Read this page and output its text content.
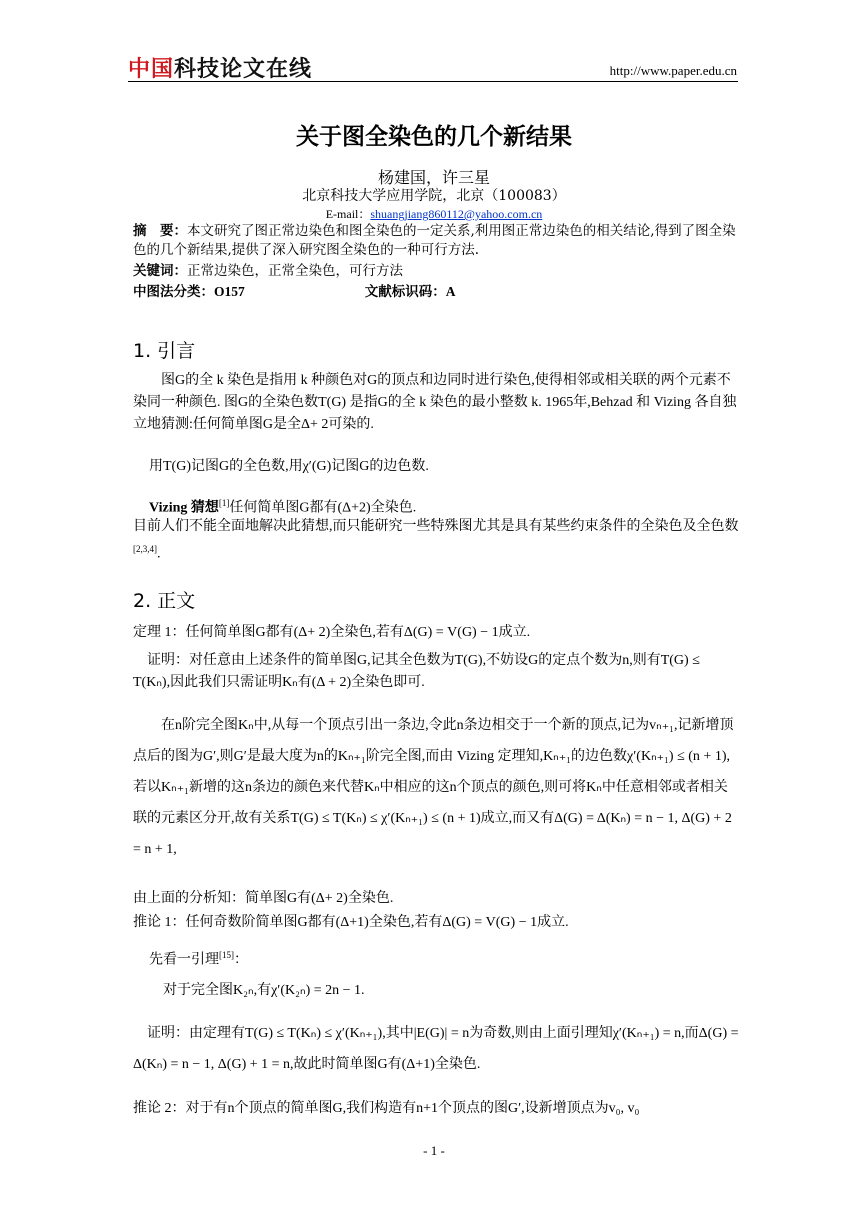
中国科技论文在线	http://www.paper.edu.cn
关于图全染色的几个新结果
杨建国，许三星
北京科技大学应用学院，北京（100083）
E-mail：shuangjiang860112@yahoo.com.cn
摘　要：本文研究了图正常边染色和图全染色的一定关系,利用图正常边染色的相关结论,得到了图全染色的几个新结果,提供了深入研究图全染色的一种可行方法.
关键词：正常边染色，正常全染色，可行方法
中图法分类：O157	文献标识码：A
1. 引言
图G的全 k 染色是指用 k 种颜色对G的顶点和边同时进行染色,使得相邻或相关联的两个元素不染同一种颜色. 图G的全染色数T(G) 是指G的全 k 染色的最小整数 k. 1965年,Behzad 和 Vizing 各自独立地猜测:任何简单图G是全Δ+ 2可染的.
用T(G)记图G的全色数,用χ′(G)记图G的边色数.
Vizing 猜想[1]任何简单图G都有(Δ+2)全染色.
目前人们不能全面地解决此猜想,而只能研究一些特殊图尤其是具有某些约束条件的全染色及全色数[2,3,4].
2. 正文
定理 1：任何简单图G都有(Δ+ 2)全染色,若有Δ(G) = V(G) − 1成立.
证明：对任意由上述条件的简单图G,记其全色数为T(G),不妨设G的定点个数为n,则有T(G) ≤ T(Kₙ),因此我们只需证明Kₙ有(Δ + 2)全染色即可.
在n阶完全图Kₙ中,从每一个顶点引出一条边,令此n条边相交于一个新的顶点,记为vₙ₊₁,记新增顶点后的图为G′,则G′是最大度为n的Kₙ₊₁阶完全图,而由 Vizing 定理知,Kₙ₊₁的边色数χ′(Kₙ₊₁) ≤ (n + 1),若以Kₙ₊₁新增的这n条边的颜色来代替Kₙ中相应的这n个顶点的颜色,则可将Kₙ中任意相邻或者相关联的元素区分开,故有关系T(G) ≤ T(Kₙ) ≤ χ′(Kₙ₊₁) ≤ (n + 1)成立,而又有Δ(G) = Δ(Kₙ) = n − 1, Δ(G) + 2 = n + 1,
由上面的分析知：简单图G有(Δ+ 2)全染色.
推论 1：任何奇数阶简单图G都有(Δ+1)全染色,若有Δ(G) = V(G) − 1成立.
先看一引理[15]：
对于完全图K₂ₙ,有χ′(K₂ₙ) = 2n − 1.
证明：由定理有T(G) ≤ T(Kₙ) ≤ χ′(Kₙ₊₁),其中|E(G)| = n为奇数,则由上面引理知χ′(Kₙ₊₁) = n,而Δ(G) = Δ(Kₙ) = n − 1, Δ(G) + 1 = n,故此时简单图G有(Δ+1)全染色.
推论 2：对于有n个顶点的简单图G,我们构造有n+1个顶点的图G′,设新增顶点为v₀, v₀
- 1 -
